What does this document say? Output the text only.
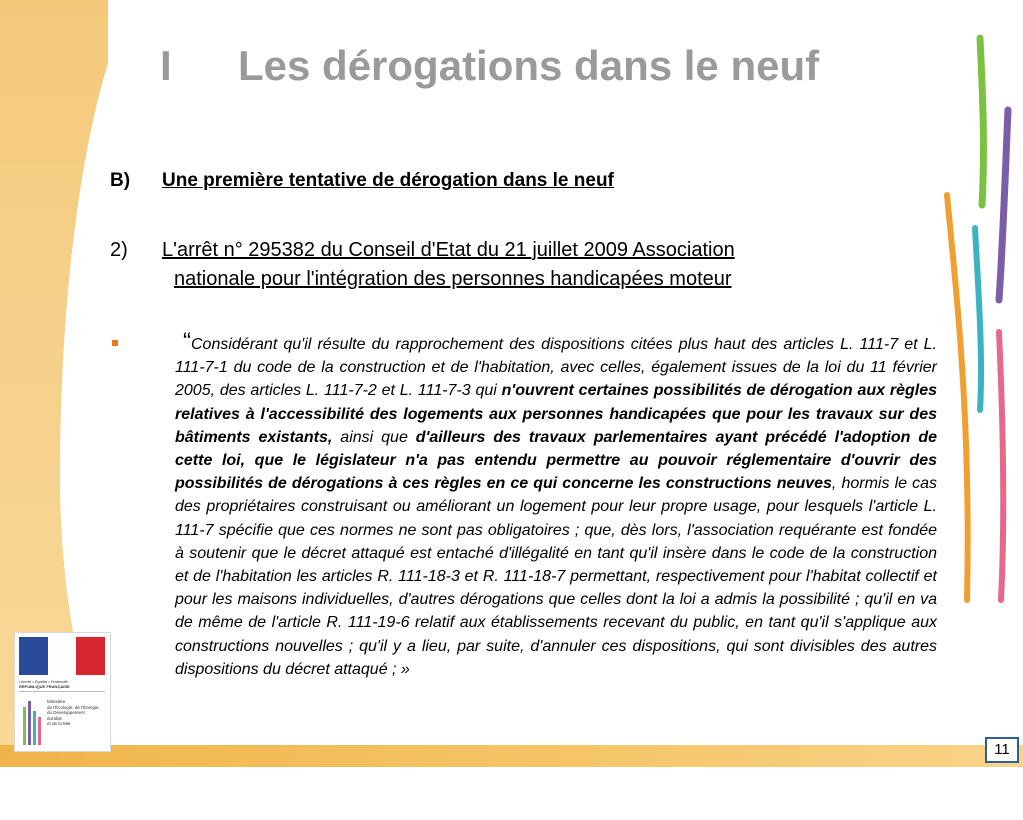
I Les dérogations dans le neuf
B) Une première tentative de dérogation dans le neuf
2) L'arrêt n° 295382 du Conseil d'Etat du 21 juillet 2009 Association
nationale pour l'intégration des personnes handicapées moteur
“Considérant qu'il résulte du rapprochement des dispositions citées plus haut des articles L. 111-7 et L. 111-7-1 du code de la construction et de l'habitation, avec celles, également issues de la loi du 11 février 2005, des articles L. 111-7-2 et L. 111-7-3 qui n'ouvrent certaines possibilités de dérogation aux règles relatives à l'accessibilité des logements aux personnes handicapées que pour les travaux sur des bâtiments existants, ainsi que d'ailleurs des travaux parlementaires ayant précédé l'adoption de cette loi, que le législateur n'a pas entendu permettre au pouvoir réglementaire d'ouvrir des possibilités de dérogations à ces règles en ce qui concerne les constructions neuves, hormis le cas des propriétaires construisant ou améliorant un logement pour leur propre usage, pour lesquels l'article L. 111-7 spécifie que ces normes ne sont pas obligatoires ; que, dès lors, l'association requérante est fondée à soutenir que le décret attaqué est entaché d'illégalité en tant qu'il insère dans le code de la construction et de l'habitation les articles R. 111-18-3 et R. 111-18-7 permettant, respectivement pour l'habitat collectif et pour les maisons individuelles, d'autres dérogations que celles dont la loi a admis la possibilité ; qu'il en va de même de l'article R. 111-19-6 relatif aux établissements recevant du public, en tant qu'il s'applique aux constructions nouvelles ; qu'il y a lieu, par suite, d'annuler ces dispositions, qui sont divisibles des autres dispositions du décret attaqué ; »
Liberté • Égalité • Fraternité
RÉPUBLIQUE FRANÇAISE
Ministère
de l'Écologie, de l'Énergie,
du Développement
durable
et de la Mer
11
